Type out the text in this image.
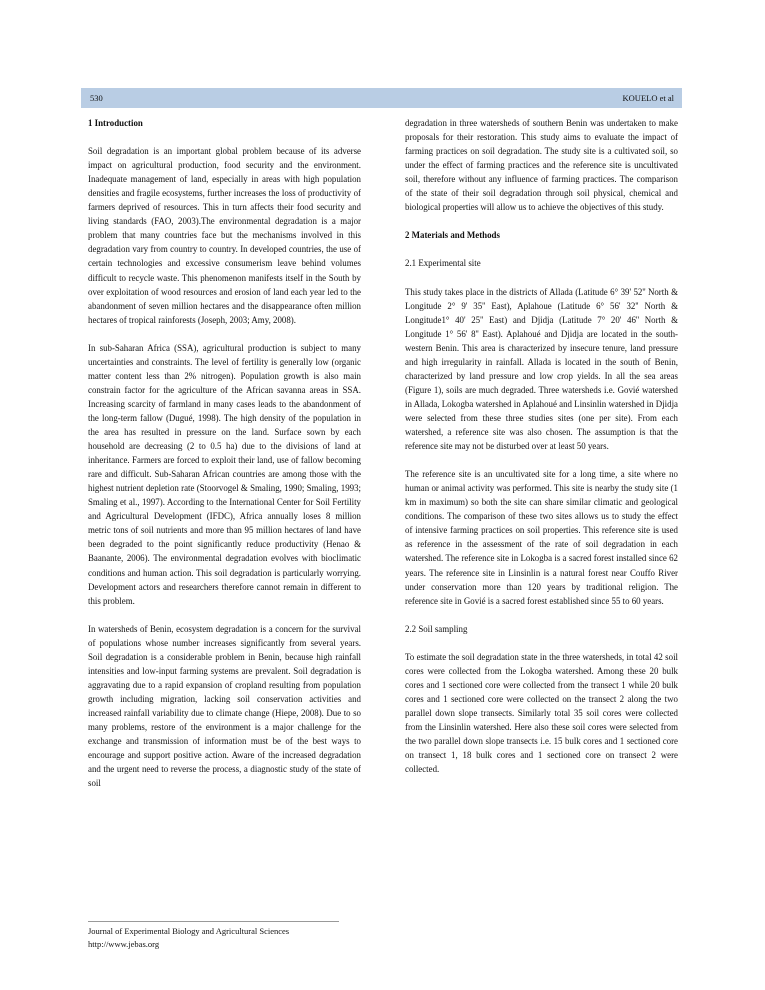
530	KOUELO et al
1 Introduction

Soil degradation is an important global problem because of its adverse impact on agricultural production, food security and the environment. Inadequate management of land, especially in areas with high population densities and fragile ecosystems, further increases the loss of productivity of farmers deprived of resources. This in turn affects their food security and living standards (FAO, 2003).The environmental degradation is a major problem that many countries face but the mechanisms involved in this degradation vary from country to country. In developed countries, the use of certain technologies and excessive consumerism leave behind volumes difficult to recycle waste. This phenomenon manifests itself in the South by over exploitation of wood resources and erosion of land each year led to the abandonment of seven million hectares and the disappearance often million hectares of tropical rainforests (Joseph, 2003; Amy, 2008).

In sub-Saharan Africa (SSA), agricultural production is subject to many uncertainties and constraints. The level of fertility is generally low (organic matter content less than 2% nitrogen). Population growth is also main constrain factor for the agriculture of the African savanna areas in SSA. Increasing scarcity of farmland in many cases leads to the abandonment of the long-term fallow (Dugué, 1998). The high density of the population in the area has resulted in pressure on the land. Surface sown by each household are decreasing (2 to 0.5 ha) due to the divisions of land at inheritance. Farmers are forced to exploit their land, use of fallow becoming rare and difficult. Sub-Saharan African countries are among those with the highest nutrient depletion rate (Stoorvogel & Smaling, 1990; Smaling, 1993; Smaling et al., 1997). According to the International Center for Soil Fertility and Agricultural Development (IFDC), Africa annually loses 8 million metric tons of soil nutrients and more than 95 million hectares of land have been degraded to the point significantly reduce productivity (Henao & Baanante, 2006). The environmental degradation evolves with bioclimatic conditions and human action. This soil degradation is particularly worrying. Development actors and researchers therefore cannot remain in different to this problem.

In watersheds of Benin, ecosystem degradation is a concern for the survival of populations whose number increases significantly from several years. Soil degradation is a considerable problem in Benin, because high rainfall intensities and low-input farming systems are prevalent. Soil degradation is aggravating due to a rapid expansion of cropland resulting from population growth including migration, lacking soil conservation activities and increased rainfall variability due to climate change (Hiepe, 2008). Due to so many problems, restore of the environment is a major challenge for the exchange and transmission of information must be of the best ways to encourage and support positive action. Aware of the increased degradation and the urgent need to reverse the process, a diagnostic study of the state of soil

degradation in three watersheds of southern Benin was undertaken to make proposals for their restoration. This study aims to evaluate the impact of farming practices on soil degradation. The study site is a cultivated soil, so under the effect of farming practices and the reference site is uncultivated soil, therefore without any influence of farming practices. The comparison of the state of their soil degradation through soil physical, chemical and biological properties will allow us to achieve the objectives of this study.

2 Materials and Methods
2.1 Experimental site

This study takes place in the districts of Allada (Latitude 6° 39' 52'' North & Longitude 2° 9' 35'' East), Aplahoue (Latitude 6° 56' 32'' North & Longitude1° 40' 25'' East) and Djidja (Latitude 7° 20' 46'' North & Longitude 1° 56' 8'' East). Aplahoué and Djidja are located in the south-western Benin. This area is characterized by insecure tenure, land pressure and high irregularity in rainfall. Allada is located in the south of Benin, characterized by land pressure and low crop yields. In all the sea areas (Figure 1), soils are much degraded. Three watersheds i.e. Govié watershed in Allada, Lokogba watershed in Aplahoué and Linsinlin watershed in Djidja were selected from these three studies sites (one per site). From each watershed, a reference site was also chosen. The assumption is that the reference site may not be disturbed over at least 50 years.

The reference site is an uncultivated site for a long time, a site where no human or animal activity was performed. This site is nearby the study site (1 km in maximum) so both the site can share similar climatic and geological conditions. The comparison of these two sites allows us to study the effect of intensive farming practices on soil properties. This reference site is used as reference in the assessment of the rate of soil degradation in each watershed. The reference site in Lokogba is a sacred forest installed since 62 years. The reference site in Linsinlin is a natural forest near Couffo River under conservation more than 120 years by traditional religion. The reference site in Govié is a sacred forest established since 55 to 60 years.

2.2 Soil sampling

To estimate the soil degradation state in the three watersheds, in total 42 soil cores were collected from the Lokogba watershed. Among these 20 bulk cores and 1 sectioned core were collected from the transect 1 while 20 bulk cores and 1 sectioned core were collected on the transect 2 along the two parallel down slope transects. Similarly total 35 soil cores were collected from the Linsinlin watershed. Here also these soil cores were selected from the two parallel down slope transects i.e. 15 bulk cores and 1 sectioned core on transect 1, 18 bulk cores and 1 sectioned core on transect 2 were collected.

Journal of Experimental Biology and Agricultural Sciences
http://www.jebas.org
